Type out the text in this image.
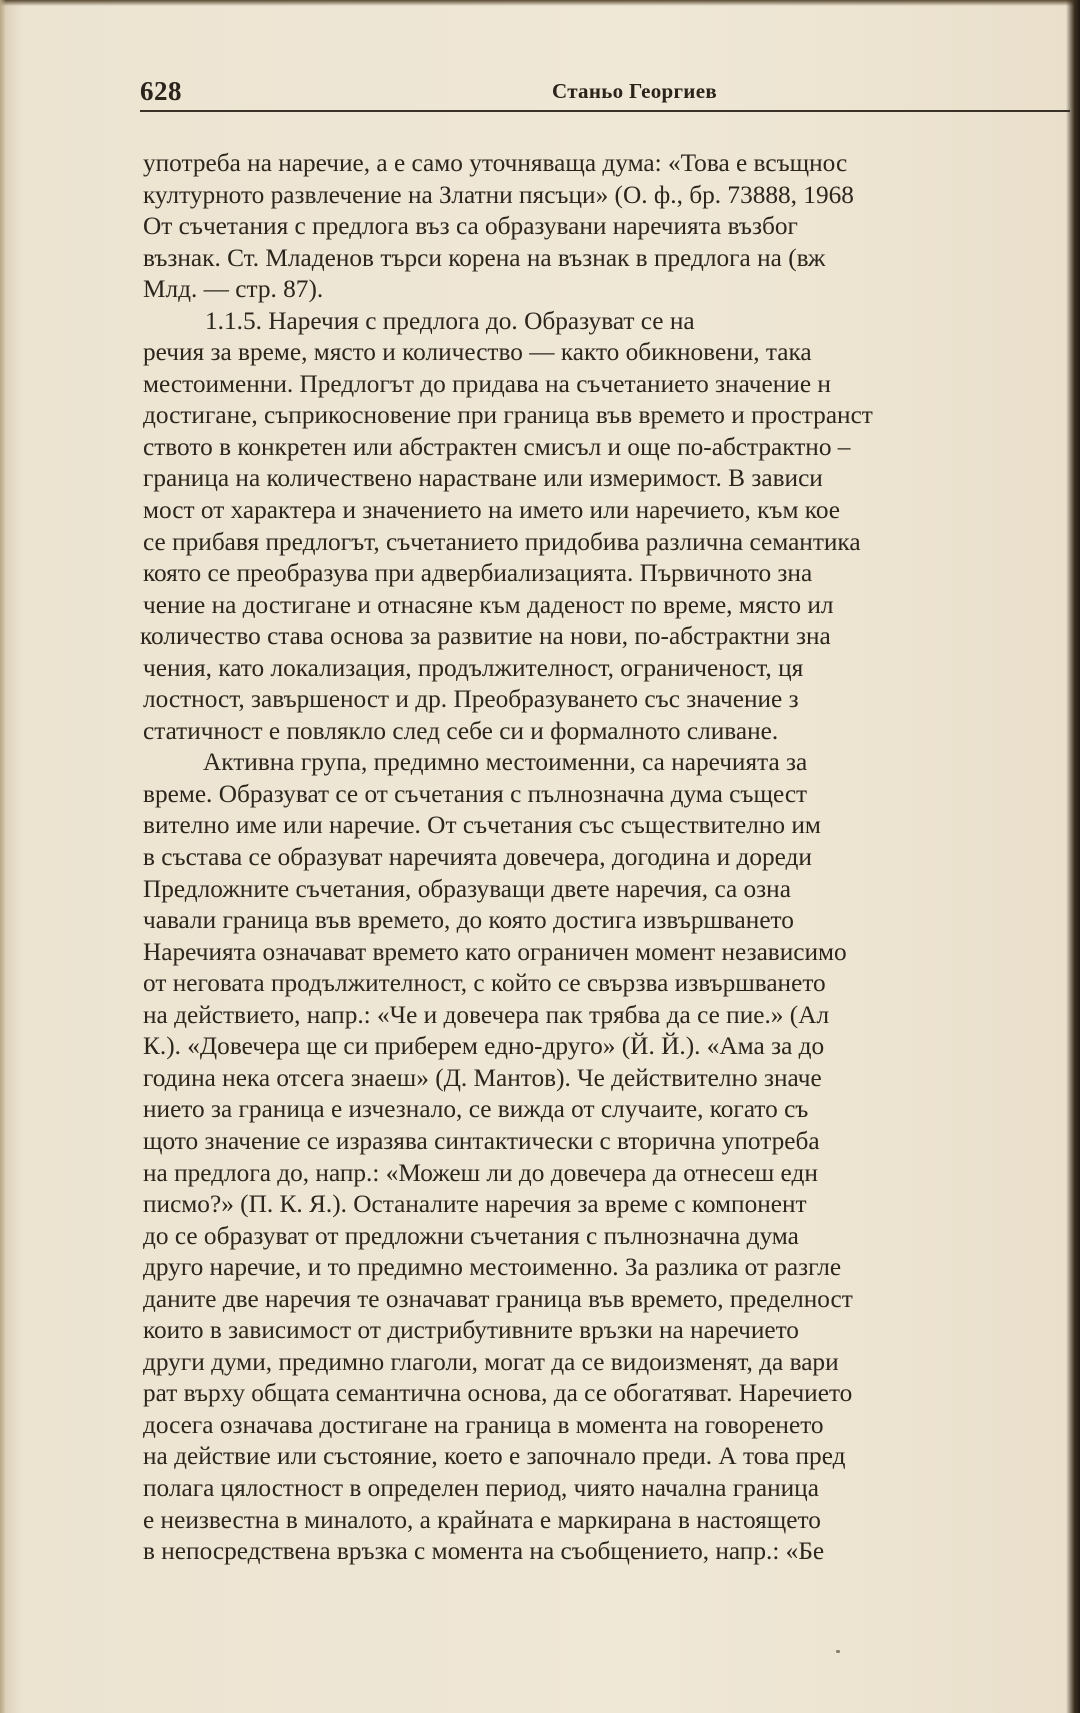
628	Станьо Георгиев
употреба на наречие, а е само уточняваща дума: «Това е всъщнос
културното развлечение на Златни пясъци» (О. ф., бр. 73888, 1968
От съчетания с предлога въз са образувани наречията възбог
възнак. Ст. Младенов търси корена на възнак в предлога на (вж
Млд. — стр. 87).
1.1.5. Наречия с предлога до. Образуват се на
речия за време, място и количество — както обикновени, така
местоименни. Предлогът до придава на съчетанието значение н
достигане, съприкосновение при граница във времето и пространст
ството в конкретен или абстрактен смисъл и още по-абстрактно –
граница на количествено нарастване или измеримост. В зависи
мост от характера и значението на името или наречието, към кое
се прибавя предлогът, съчетанието придобива различна семантика
която се преобразува при адвербиализацията. Първичното зна
чение на достигане и отнасяне към даденост по време, място ил
количество става основа за развитие на нови, по-абстрактни зна
чения, като локализация, продължителност, ограниченост, ця
лостност, завършеност и др. Преобразуването със значение з
статичност е повлякло след себе си и формалното сливане.
Активна група, предимно местоименни, са наречията за
време. Образуват се от съчетания с пълнозначна дума същест
вително име или наречие. От съчетания със съществително им
в състава се образуват наречията довечера, догодина и дореди
Предложните съчетания, образуващи двете наречия, са озна
чавали граница във времето, до която достига извършването
Наречията означават времето като ограничен момент независимо
от неговата продължителност, с който се свързва извършването
на действието, напр.: «Че и довечера пак трябва да се пие.» (Ал
К.). «Довечера ще си приберем едно-друго» (Й. Й.). «Ама за до
година нека отсега знаеш» (Д. Мантов). Че действително значе
нието за граница е изчезнало, се вижда от случаите, когато съ
щото значение се изразява синтактически с вторична употреба
на предлога до, напр.: «Можеш ли до довечера да отнесеш едн
писмо?» (П. К. Я.). Останалите наречия за време с компонент
до се образуват от предложни съчетания с пълнозначна дума
друго наречие, и то предимно местоименно. За разлика от разгле
даните две наречия те означават граница във времето, пределност
които в зависимост от дистрибутивните връзки на наречието
други думи, предимно глаголи, могат да се видоизменят, да вари
рат върху общата семантична основа, да се обогатяват. Наречието
досега означава достигане на граница в момента на говоренето
на действие или състояние, което е започнало преди. А това пред
полага цялостност в определен период, чиято начална граница
е неизвестна в миналото, а крайната е маркирана в настоящето
в непосредствена връзка с момента на съобщението, напр.: «Бе
